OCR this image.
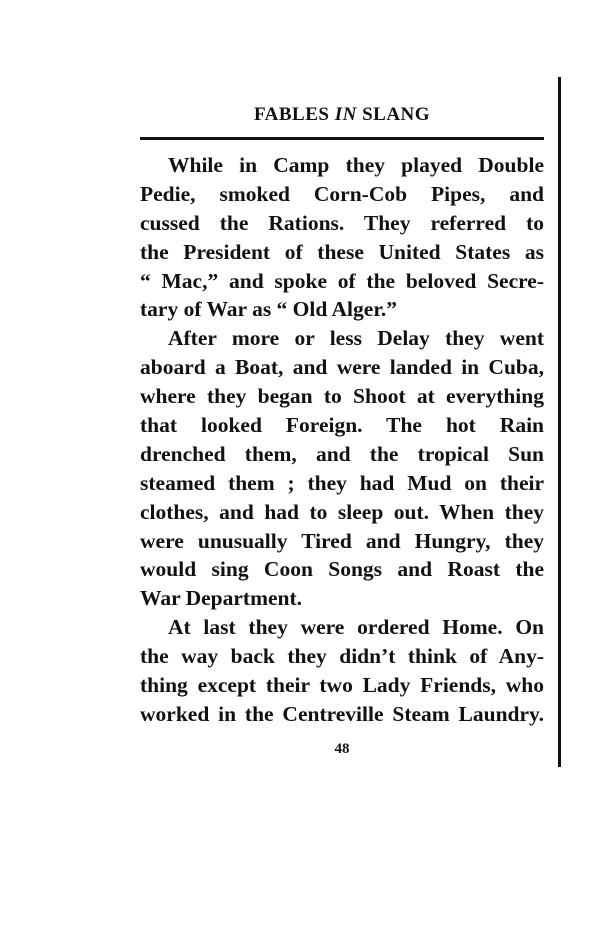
FABLES IN SLANG
While in Camp they played Double
Pedie, smoked Corn-Cob Pipes, and
cussed the Rations. They referred to
the President of these United States as
“ Mac,” and spoke of the beloved Secre-
tary of War as “ Old Alger.”
After more or less Delay they went
aboard a Boat, and were landed in Cuba,
where they began to Shoot at everything
that looked Foreign. The hot Rain
drenched them, and the tropical Sun
steamed them ; they had Mud on their
clothes, and had to sleep out. When they
were unusually Tired and Hungry, they
would sing Coon Songs and Roast the
War Department.
At last they were ordered Home. On
the way back they didn’t think of Any-
thing except their two Lady Friends, who
worked in the Centreville Steam Laundry.
48
